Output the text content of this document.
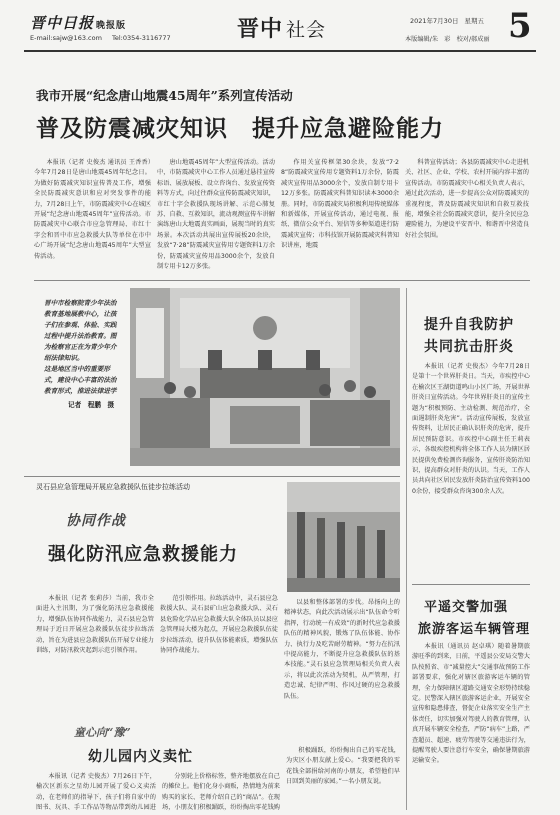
晋中日报 晚报版
E-mail:sajw@163.com Tel:0354-3116777	晋中 社会	2021年7月30日 星期五
本版编辑/朱　彩　校对/郝成丽 5
我市开展“纪念唐山地震45周年”系列宣传活动
普及防震减灾知识　提升应急避险能力

本报讯（记者 史俊杰 通讯员 王香香）今年7月28日是唐山地震45周年纪念日。为做好防震减灾知识宣传普及工作，增强全民防震减灾意识和应对突发事件的能力，7月28日上午，市防震减灾中心在城区开展“纪念唐山地震45周年”宣传活动。市防震减灾中心联合市应急管理局、市红十字会和晋中市应急救援大队等单位在市中心广场开展“纪念唐山地震45周年”大型宣传活动。

唐山地震45周年”大型宣传活动。活动中，市防震减灾中心工作人员通过悬挂宣传标语、展放展板、设立咨询台、发放宣传资料等方式，向过往群众宣传防震减灾知识，市红十字会救援队现场讲解、示范心肺复苏、自救、互救知识，流动观测宣传车讲解演练唐山大地震真实画面，展现当时的真实场景。本次活动共展出宣传展板20余块，发放“7·28”防震减灾宣传用专题资料1万余份，防震减灾宣传用品3000余个，发放自制专用卡12万多张。

作用关宣传框架30余块，发放“7·28”防震减灾宣传用专题资料1万余份，防震减灾宣传用品3000余个，发放自制专用卡12万多张。防震减灾科普知识读本3000余册。同时，市防震减灾局积极利用传统媒体和新媒体，开展宣传活动，通过电视、报纸、微信公众平台、短信等多种渠道进行防震减灾宣传；市科技馆开展防震减灾科普知识讲座，地震

科普宣传活动；各县防震减灾中心走进机关、社区、企业、学校、农村开展内容丰富的宣传活动。市防震减灾中心相关负责人表示，通过此次活动，进一步提高公众对防震减灾的重视程度，普及防震减灾知识和自救互救技能，增强全社会防震减灾意识，提升全民应急避险能力，为建设平安晋中、和谐晋中营造良好社会氛围。

晋中市检察院青少年法治教育基地展教中心，让孩子们在参观、体验、实践过程中提升法治教育。图为检察官正在为青少年介绍法律知识。
这是地区当中的重要形式，建设中心丰富的法治教育形式，推进法律进学
记者　程鹏　摄
灵石县应急管理局开展应急救援队伍徒步拉练活动
协同作战
强化防汛应急救援能力

本报讯（记者 张莉莎）当前，我市全面进入主汛期，为了强化防汛应急救援能力，增强队伍协同作战能力，灵石县应急管理局于近日开展应急救援队伍徒步拉练活动，旨在为进县应急救援队伍开展专业能力训练，对防汛救灾起到示范引领作用。

范引领作用。拉练活动中，灵石县应急救援大队、灵石县矿山应急救援大队、灵石县危险化学品应急救援大队全体队员以县应急管理局大楼为起点，开展应急救援队伍徒步拉练活动，提升队伍体能素质，增强队伍协同作战能力。

以县和整体部署的步伐。昂扬向上的精神状态，向此次活动展示出“队伍命令听指挥，行动统一有成效”的新时代应急救援队伍的精神风貌，锻炼了队伍体能、协作力、执行力及吃苦耐劳精神。“努力在抗汛中提高能力，不断提升应急救援队伍的基本技能。”灵石县应急管理局相关负责人表示，将以此次活动为契机，从严管理，打造忠诚、纪律严明、作风过硬的应急救援队伍。

童心向“豫”
幼儿园内义卖忙

本报讯（记者 史俊杰）7月26日下午，榆次区新东之星幼儿园开展了爱心义卖活动，在老师们的指导下，孩子们将自家中的图书、玩具、手工作品等物品带到幼儿园进

分别轮上价格标签，整齐地摆放在自己的摊位上。他们化身小商贩，热情地为前来购买的家长、老师介绍自己的“商品”。在现场，小朋友们积极踊跃，纷纷掏出零花钱购

积极踊跃，纷纷掏出自己的零花钱，为灾区小朋友献上爱心。“我要把我的零花钱全部捐给河南的小朋友，希望他们早日回到美丽的家园。”一名小朋友说。

提升自我防护
共同抗击肝炎

本报讯（记者 史俊杰）今年7月28日是第十一个世界肝炎日。当天，市疾控中心在榆次区王湖街道鸣山小区广场，开展世界肝炎日宣传活动。今年世界肝炎日的宣传主题为“积极预防、主动检测、规范治疗，全面遏制肝炎危害”。活动宣传展板，发放宣传资料，让居民正确认识肝炎的危害，提升居民预防意识。市疾控中心副主任王莉表示，各级疾控机构将全体工作人员为辖区居民提供免费检测咨询服务，宣传肝炎防治知识，提高群众对肝炎的认识。当天，工作人员共向社区居民发放肝炎防治宣传资料1000余份，接受群众咨询300余人次。

平遥交警加强
旅游客运车辆管理

本报讯（通讯员 赵卓琪）随着暑期旅游旺季的到来，日前，平遥县公安局交警大队按照省、市“减量控大”交通事故预防工作部署要求，强化对辖区旅游客运车辆的管理，全力保障辖区道路交通安全形势持续稳定。民警深入辖区旅游客运企业，开展安全宣传和隐患排查，督促企业落实安全生产主体责任，切实加强对驾驶人的教育管理，认真开展车辆安全检查，严防“病车”上路，严查超员、超速、疲劳驾驶等交通违法行为，提醒驾驶人要注意行车安全，确保暑期旅游运输安全。
